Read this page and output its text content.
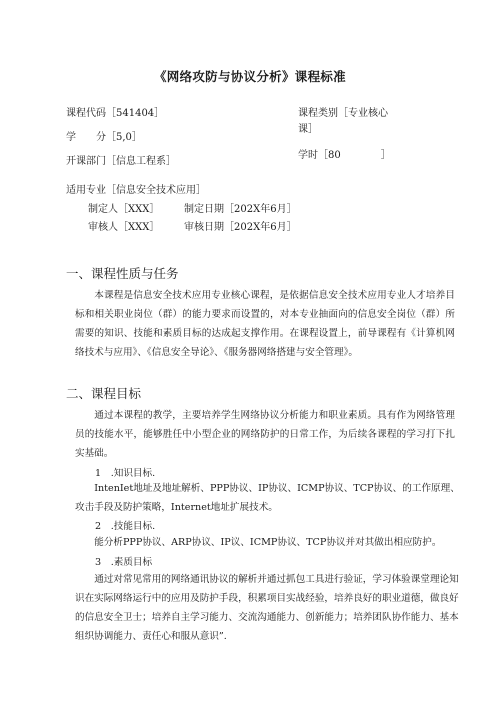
《网络攻防与协议分析》课程标准
课程代码［541404］
学　　分［5,0］
开课部门［信息工程系］
课程类别［专业核心课］
学时［80　　　　］
适用专业［信息安全技术应用］
制定人［XXX］	制定日期［202X年6月］
审核人［XXX］	审核日期［202X年6月］
一、课程性质与任务

本课程是信息安全技术应用专业核心课程，是依据信息安全技术应用专业人才培养目标和相关职业岗位（群）的能力要求而设置的，对本专业抽面向的信息安全岗位（群）所需要的知识、技能和素质目标的达成起支撑作用。在课程设置上，前导课程有《计算机网络技术与应用》、《信息安全导论》、《服务器网络搭建与安全管理》。

二、课程目标

通过本课程的教学，主要培养学生网络协议分析能力和职业素质。具有作为网络管理员的技能水平，能够胜任中小型企业的网络防护的日常工作，为后续各课程的学习打下扎实基础。

1　.知识目标.

IntenIet地址及地址解析、PPP协议、IP协议、ICMP协议、TCP协议、的工作原理、攻击手段及防护策略，Internet地址扩展技术。

2　.技能目标.

能分析PPP协议、ARP协议、IP议、ICMP协议、TCP协议并对其做出相应防护。

3　.素质目标

通过对常见常用的网络通讯协议的解析并通过抓包工具进行验证，学习体验课堂理论知识在实际网络运行中的应用及防护手段，积累项目实战经验，培养良好的职业道德，做良好的信息安全卫士；培养自主学习能力、交流沟通能力、创新能力；培养团队协作能力、基本组织协调能力、责任心和服从意识”.
